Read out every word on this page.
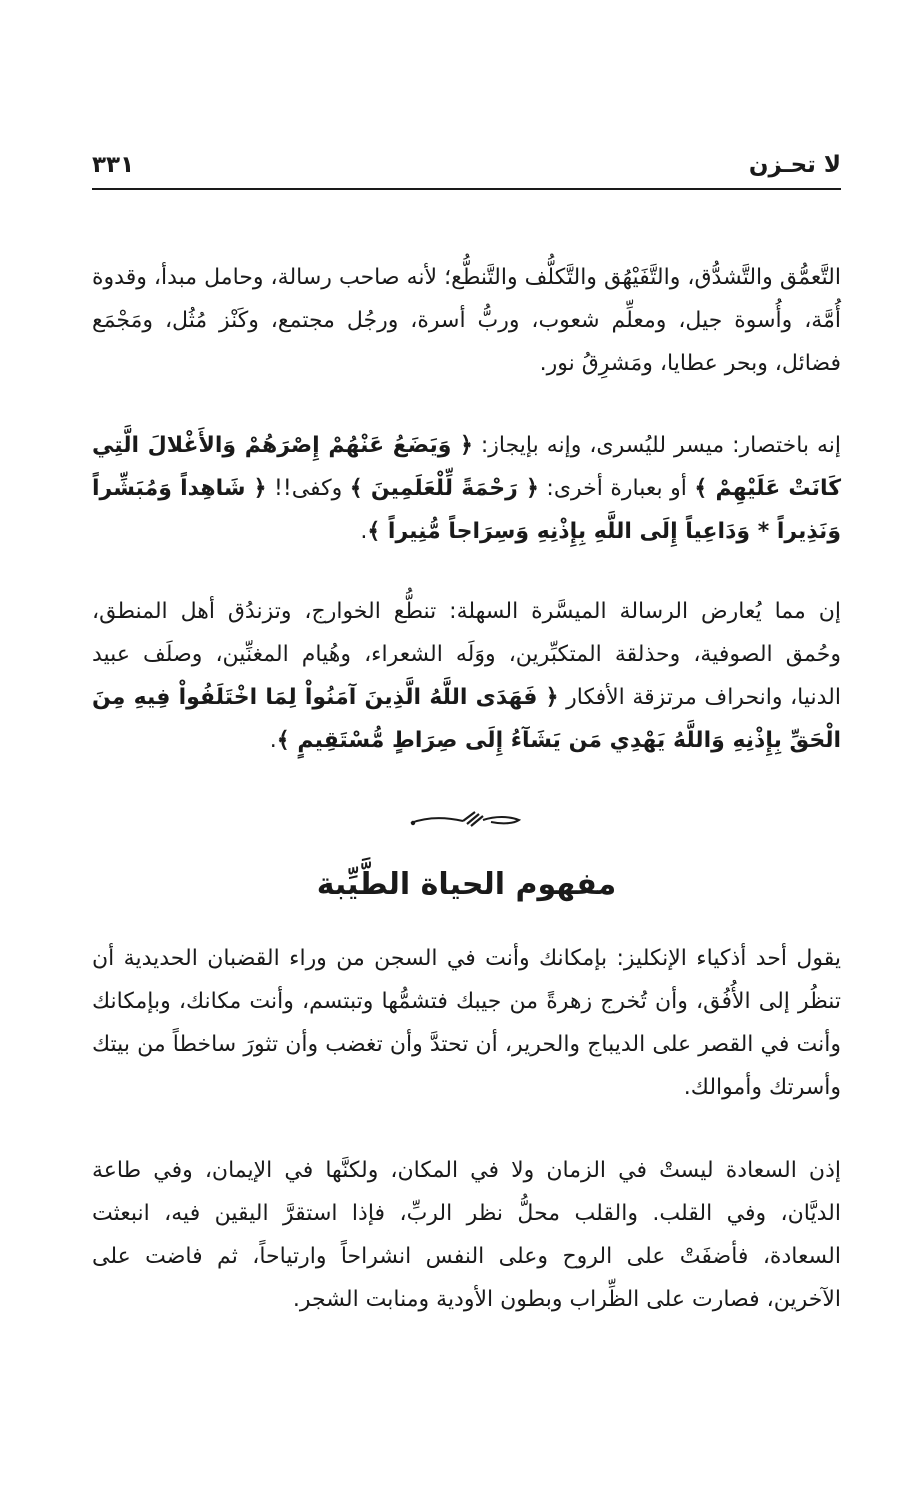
لا تحـزن
٣٣١

التَّعمُّق والتَّشدُّق، والتَّفَيْهُق والتَّكلُّف والتَّنطُّع؛ لأنه صاحب رسالة، وحامل مبدأ، وقدوة أُمَّة، وأُسوة جيل، ومعلِّم شعوب، وربُّ أسرة، ورجُل مجتمع، وكَنْز مُثُل، ومَجْمَع فضائل، وبحر عطايا، ومَشرِقُ نور.

إنه باختصار: ميسر لليُسرى، وإنه بإيجاز: ﴿ وَيَضَعُ عَنْهُمْ إِصْرَهُمْ وَالأَغْلالَ الَّتِي كَانَتْ عَلَيْهِمْ ﴾ أو بعبارة أخرى: ﴿ رَحْمَةً لِّلْعَلَمِينَ ﴾ وكفى!! ﴿ شَاهِداً وَمُبَشِّراً وَنَذِيراً * وَدَاعِياً إِلَى اللَّهِ بِإِذْنِهِ وَسِرَاجاً مُّنِيراً ﴾.

إن مما يُعارض الرسالة الميسَّرة السهلة: تنطُّع الخوارج، وتزندُق أهل المنطق، وحُمق الصوفية، وحذلقة المتكبِّرين، ووَلَه الشعراء، وهُيام المغنِّين، وصلَف عبيد الدنيا، وانحراف مرتزقة الأفكار ﴿ فَهَدَى اللَّهُ الَّذِينَ آمَنُواْ لِمَا اخْتَلَفُواْ فِيهِ مِنَ الْحَقِّ بِإِذْنِهِ وَاللَّهُ يَهْدِي مَن يَشَآءُ إِلَى صِرَاطٍ مُّسْتَقِيمٍ ﴾.

مفهوم الحياة الطَّيِّبة

يقول أحد أذكياء الإنكليز: بإمكانك وأنت في السجن من وراء القضبان الحديدية أن تنظُر إلى الأُفُق، وأن تُخرج زهرةً من جيبك فتشمُّها وتبتسم، وأنت مكانك، وبإمكانك وأنت في القصر على الديباج والحرير، أن تحتدَّ وأن تغضب وأن تثورَ ساخطاً من بيتك وأسرتك وأموالك.

إذن السعادة ليستْ في الزمان ولا في المكان، ولكنَّها في الإيمان، وفي طاعة الديَّان، وفي القلب. والقلب محلُّ نظر الربِّ، فإذا استقرَّ اليقين فيه، انبعثت السعادة، فأضفَتْ على الروح وعلى النفس انشراحاً وارتياحاً، ثم فاضت على الآخرين، فصارت على الظِّراب وبطون الأودية ومنابت الشجر.
